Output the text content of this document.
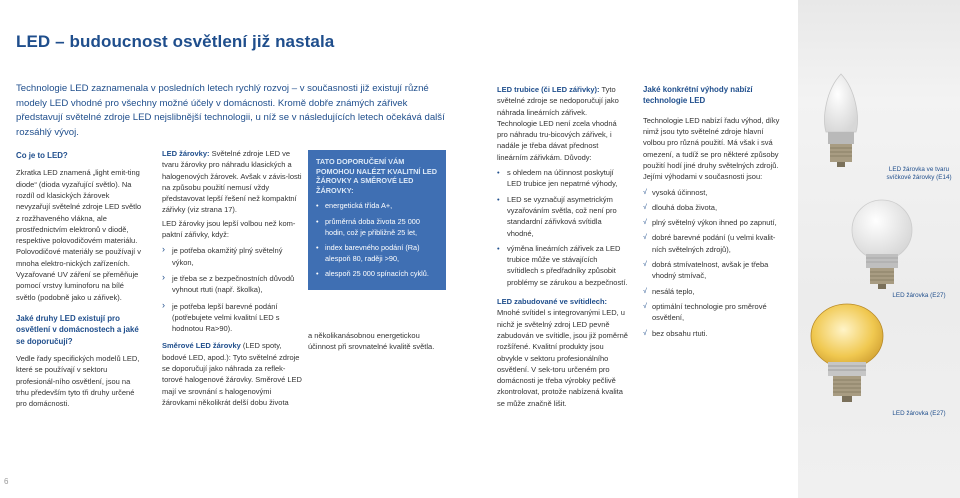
LED – budoucnost osvětlení již nastala

Technologie LED zaznamenala v posledních letech rychlý rozvoj – v současnosti již existují různé modely LED vhodné pro všechny možné účely v domácnosti. Kromě dobře známých zářivek představují světelné zdroje LED nejslibnější technologii, u níž se v následujících letech očekává další rozsáhlý vývoj.

Co je to LED?

Zkratka LED znamená „light emit-ting diode“ (dioda vyzařující světlo). Na rozdíl od klasických žárovek nevyzařují světelné zdroje LED světlo z rozžhaveného vlákna, ale prostřednictvím elektronů v diodě, respektive polovodičovém materiálu. Polovodičové materiály se používají v mnoha elektro-nických zařízeních. Vyzařované UV záření se přeměňuje pomocí vrstvy luminoforu na bílé světlo (podobně jako u zářivek).

Jaké druhy LED existují pro osvětlení v domácnostech a jaké se doporučují?

Vedle řady specifických modelů LED, které se používají v sektoru profesionál-ního osvětlení, jsou na trhu především tyto tři druhy určené pro domácnosti.

LED žárovky: Světelné zdroje LED ve tvaru žárovky pro náhradu klasických a halogenových žárovek. Avšak v závis-losti na způsobu použití nemusí vždy představovat lepší řešení než kompaktní zářivky (viz strana 17).

LED žárovky jsou lepší volbou než kom-paktní zářivky, když:

› je potřeba okamžitý plný světelný výkon,
› je třeba se z bezpečnostních důvodů vyhnout rtuti (např. školka),
› je potřeba lepší barevné podání (potřebujete velmi kvalitní LED s hodnotou Ra>90).

Směrové LED žárovky (LED spoty, bodové LED, apod.): Tyto světelné zdroje se doporučují jako náhrada za reflek-torové halogenové žárovky. Směrové LED mají ve srovnání s halogenovými žárovkami několikrát delší dobu života

TATO DOPORUČENÍ VÁM POMOHOU NALÉZT KVALITNÍ LED ŽÁROVKY A SMĚROVÉ LED ŽÁROVKY:

• energetická třída A+,
• průměrná doba života 25 000 hodin, což je přibližně 25 let,
• index barevného podání (Ra) alespoň 80, raději >90,
• alespoň 25 000 spínacích cyklů.

a několikanásobnou energetickou účinnost při srovnatelné kvalitě světla.

6

LED trubice (či LED zářivky): Tyto světelné zdroje se nedoporučují jako náhrada lineárních zářivek. Technologie LED není zcela vhodná pro náhradu tru-bicových zářivek, i nadále je třeba dávat přednost lineárním zářivkám. Důvody:

• s ohledem na účinnost poskytují LED trubice jen nepatrné výhody,
• LED se vyznačují asymetrickým vyzařováním světla, což není pro standardní zářivková svítidla vhodné,
• výměna lineárních zářivek za LED trubice může ve stávajících svítidlech s předřadníky způsobit problémy se zárukou a bezpečností.

LED zabudované ve svítidlech: Mnohé svítidel s integrovanými LED, u nichž je světelný zdroj LED pevně zabudován ve svítidle, jsou již poměrně rozšířené. Kvalitní produkty jsou obvykle v sektoru profesionálního osvětlení. V sek-toru určeném pro domácnosti je třeba výrobky pečlivě zkontrolovat, protože nabízená kvalita se může značně lišit.

Jaké konkrétní výhody nabízí technologie LED

Technologie LED nabízí řadu výhod, díky nimž jsou tyto světelné zdroje hlavní volbou pro různá použití. Má však i svá omezení, a tudíž se pro některé způsoby použití hodí jiné druhy světelných zdrojů. Jejími výhodami v současnosti jsou:

√ vysoká účinnost,
√ dlouhá doba života,
√ plný světelný výkon ihned po zapnutí,
√ dobré barevné podání (u velmi kvalit-ních světelných zdrojů),
√ dobrá stmívatelnost, avšak je třeba vhodný stmívač,
√ nesálá teplo,
√ optimální technologie pro směrové osvětlení,
√ bez obsahu rtuti.
LED žárovka ve tvaru svíčkové žárovky (E14)
LED žárovka (E27)
LED žárovka (E27)
